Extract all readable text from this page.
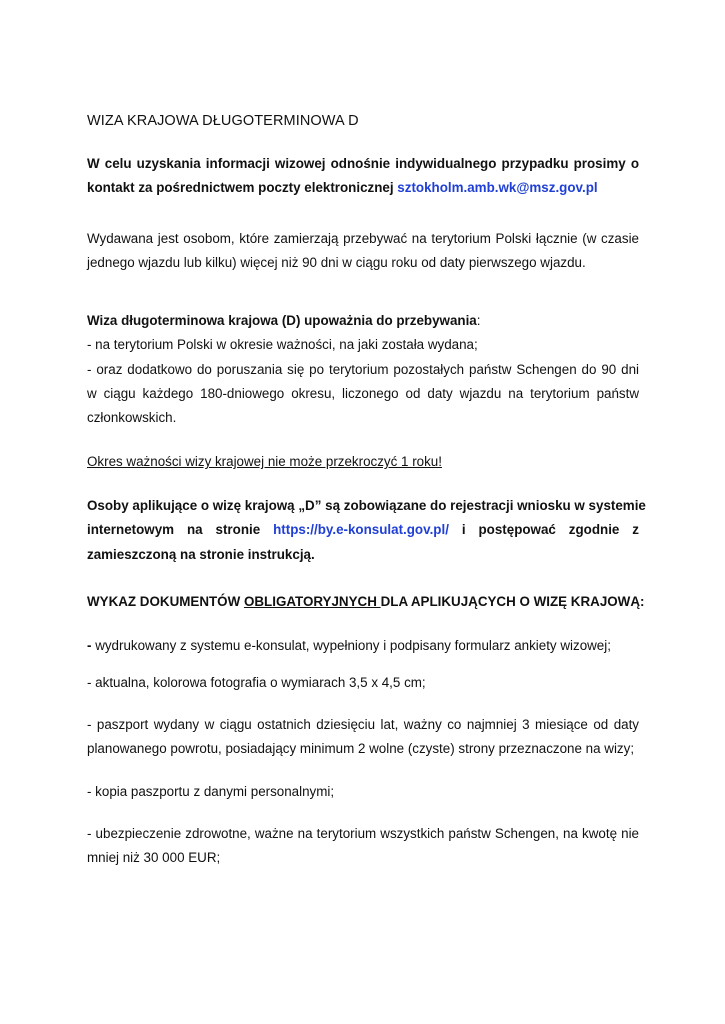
WIZA KRAJOWA DŁUGOTERMINOWA D
W celu uzyskania informacji wizowej odnośnie indywidualnego przypadku prosimy o
kontakt za pośrednictwem poczty elektronicznej sztokholm.amb.wk@msz.gov.pl
Wydawana jest osobom, które zamierzają przebywać na terytorium Polski łącznie (w czasie
jednego wjazdu lub kilku) więcej niż 90 dni w ciągu roku od daty pierwszego wjazdu.
Wiza długoterminowa krajowa (D) upoważnia do przebywania:
- na terytorium Polski w okresie ważności, na jaki została wydana;
- oraz dodatkowo do poruszania się po terytorium pozostałych państw Schengen do 90 dni
w ciągu każdego 180-dniowego okresu, liczonego od daty wjazdu na terytorium państw
członkowskich.
Okres ważności wizy krajowej nie może przekroczyć 1 roku!
Osoby aplikujące o wizę krajową „D” są zobowiązane do rejestracji wniosku w systemie
internetowym na stronie https://by.e-konsulat.gov.pl/ i postępować zgodnie z
zamieszczoną na stronie instrukcją.
WYKAZ DOKUMENTÓW OBLIGATORYJNYCH DLA APLIKUJĄCYCH O WIZĘ KRAJOWĄ:
- wydrukowany z systemu e-konsulat, wypełniony i podpisany formularz ankiety wizowej;
- aktualna, kolorowa fotografia o wymiarach 3,5 x 4,5 cm;
- paszport wydany w ciągu ostatnich dziesięciu lat, ważny co najmniej 3 miesiące od daty
planowanego powrotu, posiadający minimum 2 wolne (czyste) strony przeznaczone na wizy;
- kopia paszportu z danymi personalnymi;
- ubezpieczenie zdrowotne, ważne na terytorium wszystkich państw Schengen, na kwotę nie
mniej niż 30 000 EUR;
